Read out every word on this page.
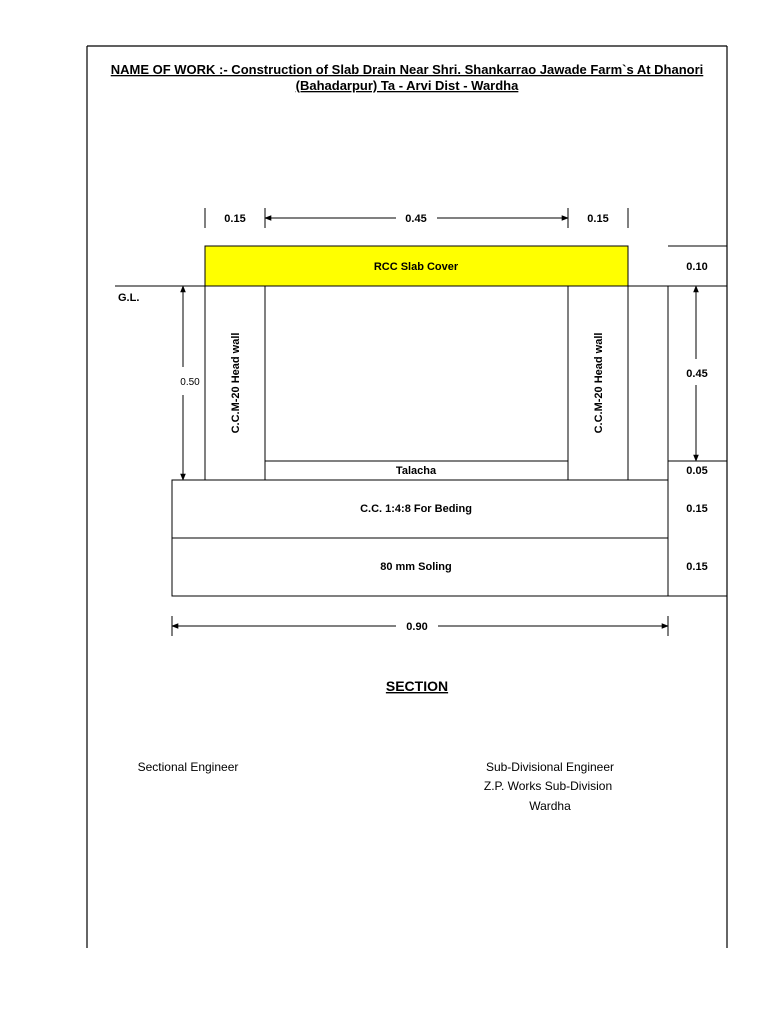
NAME OF WORK :- Construction of Slab Drain Near Shri. Shankarrao Jawade Farm`s At Dhanori
(Bahadarpur) Ta - Arvi Dist - Wardha
0.15	0.45	0.15
RCC Slab Cover	0.10
0.45
0.05
0.15
0.15
G.L.
0.50	C.C.M-20 Head wall	C.C.M-20 Head wall
Talacha
C.C. 1:4:8 For Beding
80 mm Soling
0.90
SECTION
Sectional Engineer	Sub-Divisional Engineer
Z.P. Works Sub-Division
Wardha
